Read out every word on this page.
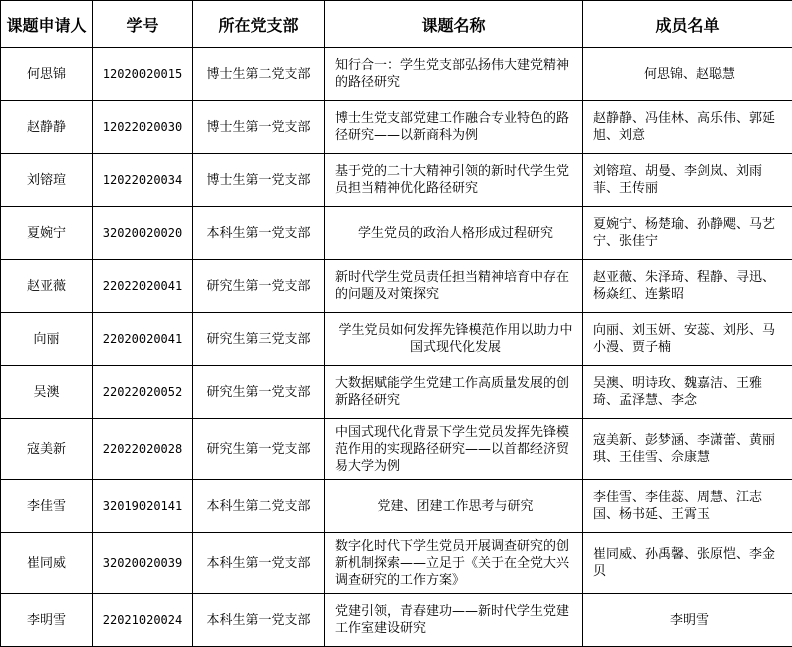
课题申请人	学号	所在党支部	课题名称	成员名单
何思锦	12020020015	博士生第二党支部	知行合一：学生党支部弘扬伟大建党精神的路径研究	何思锦、赵聪慧
赵静静	12022020030	博士生第一党支部	博士生党支部党建工作融合专业特色的路径研究——以新商科为例	赵静静、冯佳林、高乐伟、郭延旭、刘意
刘镕瑄	12022020034	博士生第一党支部	基于党的二十大精神引领的新时代学生党员担当精神优化路径研究	刘镕瑄、胡曼、李剑岚、刘雨菲、王传丽
夏婉宁	32020020020	本科生第一党支部	学生党员的政治人格形成过程研究	夏婉宁、杨楚瑜、孙静飔、马艺宁、张佳宁
赵亚薇	22022020041	研究生第一党支部	新时代学生党员责任担当精神培育中存在的问题及对策探究	赵亚薇、朱泽琦、程静、寻迅、杨焱红、连紫昭
向丽	22020020041	研究生第三党支部	学生党员如何发挥先锋模范作用以助力中国式现代化发展	向丽、刘玉妍、安蕊、刘彤、马小漫、贾子楠
吴澳	22022020052	研究生第一党支部	大数据赋能学生党建工作高质量发展的创新路径研究	吴澳、明诗玫、魏嘉洁、王雅琦、孟泽慧、李念
寇美新	22022020028	研究生第一党支部	中国式现代化背景下学生党员发挥先锋模范作用的实现路径研究——以首都经济贸易大学为例	寇美新、彭梦涵、李潇蕾、黄丽琪、王佳雪、佘康慧
李佳雪	32019020141	本科生第二党支部	党建、团建工作思考与研究	李佳雪、李佳蕊、周慧、江志国、杨书延、王霄玉
崔同威	32020020039	本科生第一党支部	数字化时代下学生党员开展调查研究的创新机制探索——立足于《关于在全党大兴调查研究的工作方案》	崔同威、孙禹馨、张原恺、李金贝
李明雪	22021020024	本科生第一党支部	党建引领，青春建功——新时代学生党建工作室建设研究	李明雪
